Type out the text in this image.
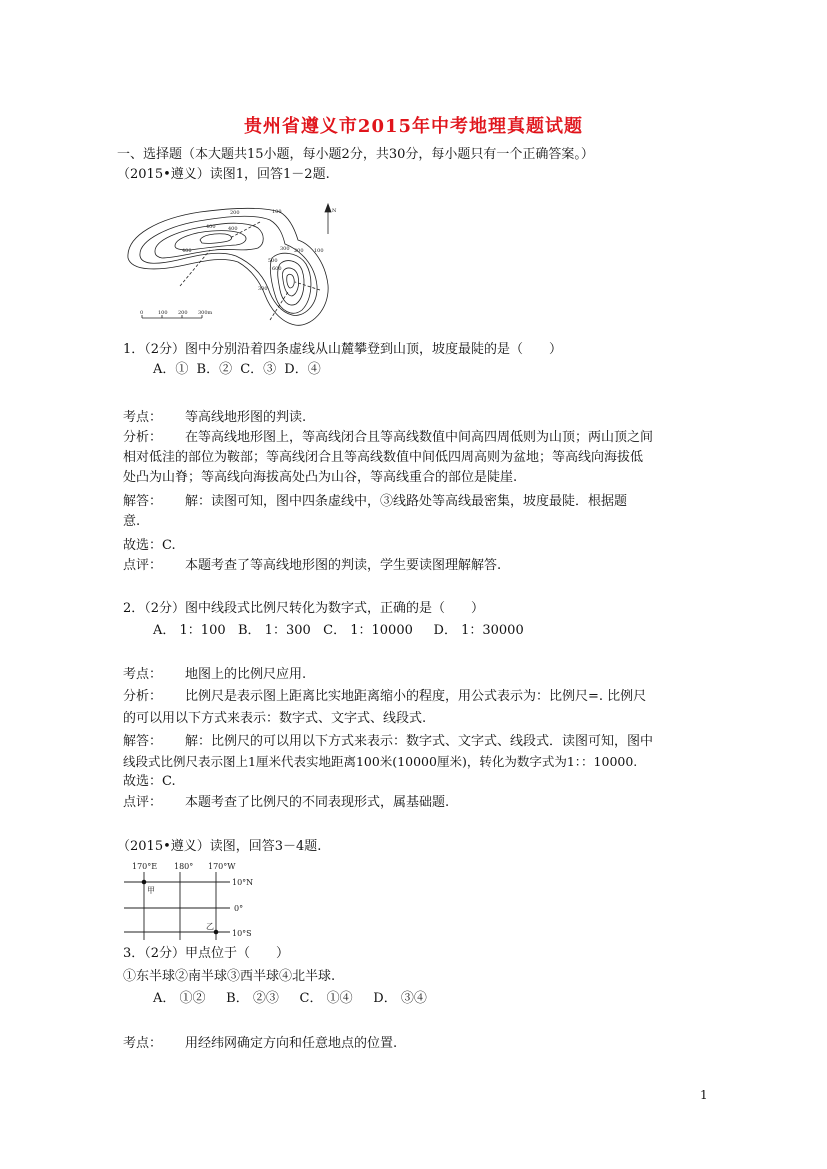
贵州省遵义市2015年中考地理真题试题
一、选择题（本大题共15小题，每小题2分，共30分，每小题只有一个正确答案。）
（2015•遵义）读图1，回答1－2题.
200	100
400 400
300 200 100
500
600
400
300
0	100 200 300m
N
1．（2分）图中分别沿着四条虚线从山麓攀登到山顶，坡度最陡的是（　　）
A．① B．② C．③ D．④
考点： 等高线地形图的判读.
分析： 在等高线地形图上，等高线闭合且等高线数值中间高四周低则为山顶；两山顶之间
相对低洼的部位为鞍部；等高线闭合且等高线数值中间低四周高则为盆地；等高线向海拔低
处凸为山脊；等高线向海拔高处凸为山谷，等高线重合的部位是陡崖.
解答： 解：读图可知，图中四条虚线中，③线路处等高线最密集，坡度最陡．根据题
意.
故选：C.
点评： 本题考查了等高线地形图的判读，学生要读图理解解答.
2．（2分）图中线段式比例尺转化为数字式，正确的是（　　）
A． 1：100   B． 1：300   C． 1：10000     D． 1：30000
考点： 地图上的比例尺应用.
分析： 比例尺是表示图上距离比实地距离缩小的程度，用公式表示为：比例尺=. 比例尺
的可以用以下方式来表示：数字式、文字式、线段式.
解答： 解：比例尺的可以用以下方式来表示：数字式、文字式、线段式．读图可知，图中
线段式比例尺表示图上1厘米代表实地距离100米(10000厘米)，转化为数字式为1：：10000.
故选：C.
点评： 本题考查了比例尺的不同表现形式，属基础题.
（2015•遵义）读图，回答3－4题.
170°E 180° 170°W
10°N
0°
10°S
甲
乙
3．（2分）甲点位于（　　）
①东半球②南半球③西半球④北半球.
A． ①②     B． ②③     C． ①④     D． ③④
考点： 用经纬网确定方向和任意地点的位置.
1
